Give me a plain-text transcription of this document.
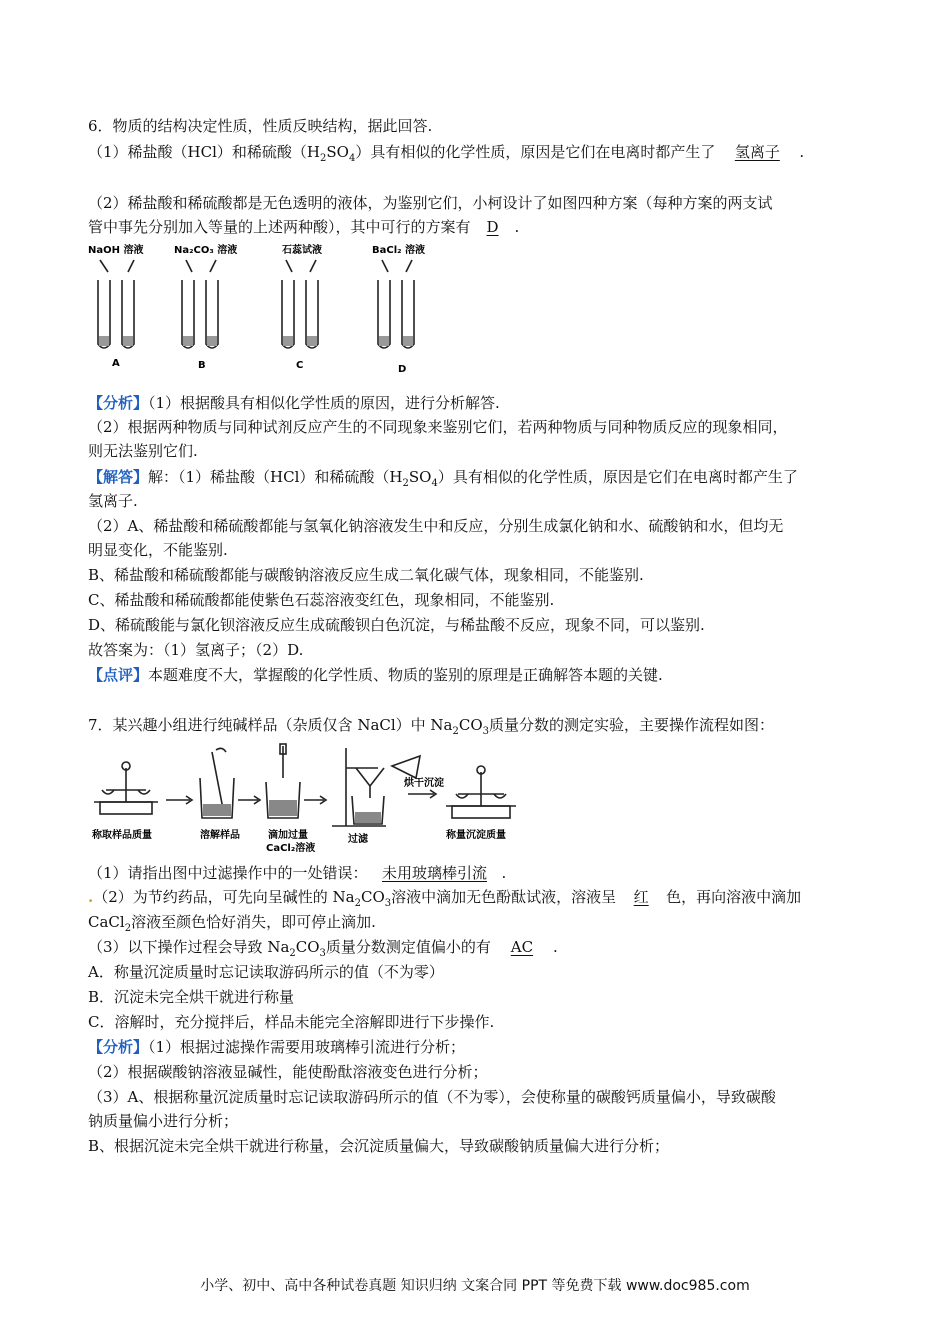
6．物质的结构决定性质，性质反映结构，据此回答.
（1）稀盐酸（HCl）和稀硫酸$(H_2SO_4)$具有相似的化学性质，原因是它们在电离时都产生了 氢离子 .
（2）稀盐酸和稀硫酸都是无色透明的液体，为鉴别它们，小柯设计了如图四种方案（每种方案的两支试
管中事先分别加入等量的上述两种酸），其中可行的方案有 D .
NaOH 溶液	Na₂CO₃ 溶液	石蕊试液	BaCl₂ 溶液
A	B	C	D
【分析】（1）根据酸具有相似化学性质的原因，进行分析解答.
（2）根据两种物质与同种试剂反应产生的不同现象来鉴别它们，若两种物质与同种物质反应的现象相同，
则无法鉴别它们.
【解答】解：（1）稀盐酸（HCl）和稀硫酸$(H_2SO_4)$具有相似的化学性质，原因是它们在电离时都产生了
氢离子.
（2）A、稀盐酸和稀硫酸都能与氢氧化钠溶液发生中和反应，分别生成氯化钠和水、硫酸钠和水，但均无
明显变化，不能鉴别.
B、稀盐酸和稀硫酸都能与碳酸钠溶液反应生成二氧化碳气体，现象相同，不能鉴别.
C、稀盐酸和稀硫酸都能使紫色石蕊溶液变红色，现象相同，不能鉴别.
D、稀硫酸能与氯化钡溶液反应生成硫酸钡白色沉淀，与稀盐酸不反应，现象不同，可以鉴别.
故答案为：（1）氢离子；（2）D.
【点评】本题难度不大，掌握酸的化学性质、物质的鉴别的原理是正确解答本题的关键.
7．某兴趣小组进行纯碱样品（杂质仅含 NaCl）中 $Na_2CO_3$质量分数的测定实验，主要操作流程如图：
称取样品质量	溶解样品	滴加过量
CaCl₂溶液
过滤	称量沉淀质量
烘干沉淀
（1）请指出图中过滤操作中的一处错误： 未用玻璃棒引流 .
.（2）为节约药品，可先向呈碱性的 $Na_2CO_3$溶液中滴加无色酚酞试液，溶液呈 红 色，再向溶液中滴加
CaCl$_2$溶液至颜色恰好消失，即可停止滴加.
（3）以下操作过程会导致 $Na_2CO_3$质量分数测定值偏小的有 AC .
A．称量沉淀质量时忘记读取游码所示的值（不为零）
B．沉淀未完全烘干就进行称量
C．溶解时，充分搅拌后，样品未能完全溶解即进行下步操作.
【分析】（1）根据过滤操作需要用玻璃棒引流进行分析；
（2）根据碳酸钠溶液显碱性，能使酚酞溶液变色进行分析；
（3）A、根据称量沉淀质量时忘记读取游码所示的值（不为零），会使称量的碳酸钙质量偏小，导致碳酸
钠质量偏小进行分析；
B、根据沉淀未完全烘干就进行称量，会沉淀质量偏大，导致碳酸钠质量偏大进行分析；
小学、初中、高中各种试卷真题 知识归纳 文案合同 PPT 等免费下载 www.doc985.com
